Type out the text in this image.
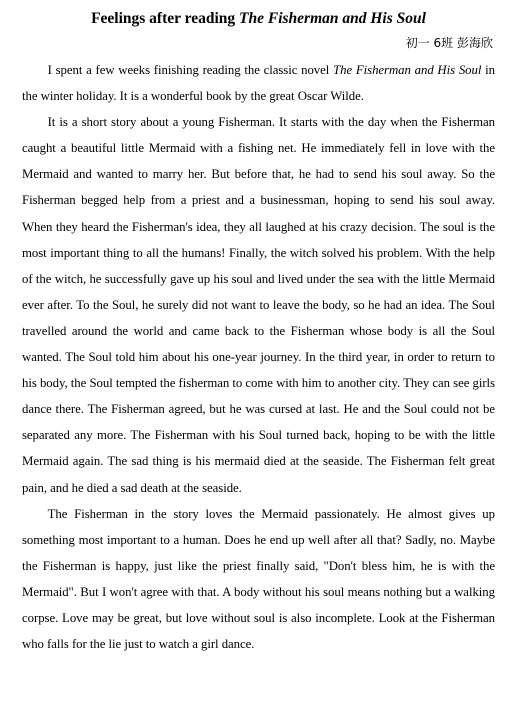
Feelings after reading The Fisherman and His Soul
初一 6班 彭海欣

I spent a few weeks finishing reading the classic novel The Fisherman and His Soul in the winter holiday. It is a wonderful book by the great Oscar Wilde.

It is a short story about a young Fisherman. It starts with the day when the Fisherman caught a beautiful little Mermaid with a fishing net. He immediately fell in love with the Mermaid and wanted to marry her. But before that, he had to send his soul away. So the Fisherman begged help from a priest and a businessman, hoping to send his soul away. When they heard the Fisherman's idea, they all laughed at his crazy decision. The soul is the most important thing to all the humans! Finally, the witch solved his problem. With the help of the witch, he successfully gave up his soul and lived under the sea with the little Mermaid ever after. To the Soul, he surely did not want to leave the body, so he had an idea. The Soul travelled around the world and came back to the Fisherman whose body is all the Soul wanted. The Soul told him about his one-year journey. In the third year, in order to return to his body, the Soul tempted the fisherman to come with him to another city. They can see girls dance there. The Fisherman agreed, but he was cursed at last. He and the Soul could not be separated any more. The Fisherman with his Soul turned back, hoping to be with the little Mermaid again. The sad thing is his mermaid died at the seaside. The Fisherman felt great pain, and he died a sad death at the seaside.

The Fisherman in the story loves the Mermaid passionately. He almost gives up something most important to a human. Does he end up well after all that? Sadly, no. Maybe the Fisherman is happy, just like the priest finally said, "Don't bless him, he is with the Mermaid". But I won't agree with that. A body without his soul means nothing but a walking corpse. Love may be great, but love without soul is also incomplete. Look at the Fisherman who falls for the lie just to watch a girl dance.
